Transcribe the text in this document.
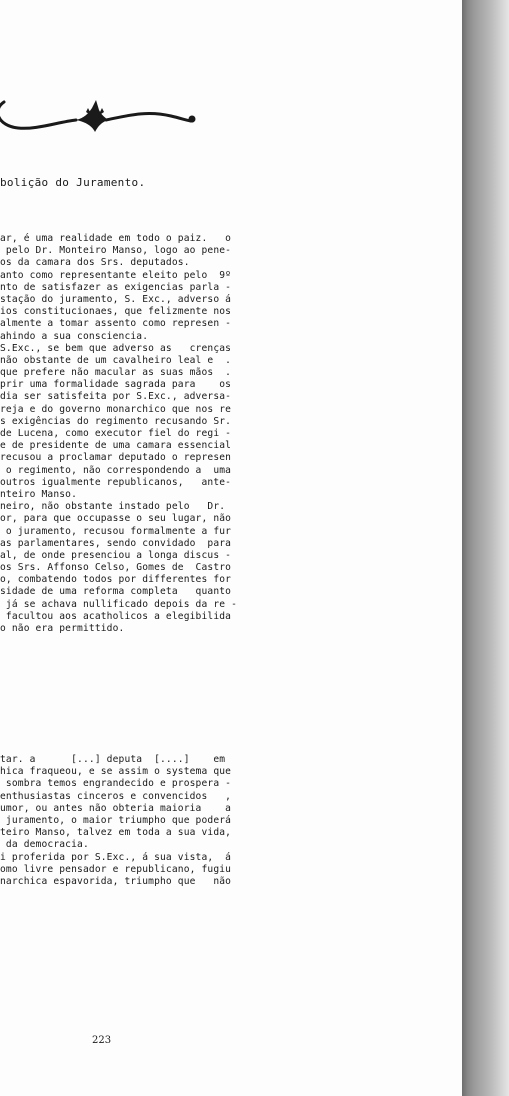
bolição do Juramento.
ar, é uma realidade em todo o paiz.   o
pelo Dr. Monteiro Manso, logo ao pene-
os da camara dos Srs. deputados.
anto como representante eleito pelo  9º
nto de satisfazer as exigencias parla -
stação do juramento, S. Exc., adverso á
ios constitucionaes, que felizmente nos
almente a tomar assento como represen -
ahindo a sua consciencia.
S.Exc., se bem que adverso as   crenças
não obstante de um cavalheiro leal e  .
que prefere não macular as suas mãos  .
prir uma formalidade sagrada para    os
dia ser satisfeita por S.Exc., adversa-
reja e do governo monarchico que nos re
s exigências do regimento recusando Sr.
de Lucena, como executor fiel do regi -
e de presidente de uma camara essencial
recusou a proclamar deputado o represen
o regimento, não correspondendo a  uma
outros igualmente republicanos,   ante-
nteiro Manso.
neiro, não obstante instado pelo   Dr.
or, para que occupasse o seu lugar, não
o juramento, recusou formalmente a fur
as parlamentares, sendo convidado  para
al, de onde presenciou a longa discus -
os Srs. Affonso Celso, Gomes de  Castro
o, combatendo todos por differentes for
sidade de uma reforma completa   quanto
já se achava nullificado depois da re -
facultou aos acatholicos a elegibilida
o não era permittido.
tar. a      [...] deputa  [....]    em
hica fraqueou, e se assim o systema que
sombra temos engrandecido e prospera -
enthusiastas cinceros e convencidos   ,
umor, ou antes não obteria maioria    a
juramento, o maior triumpho que poderá
teiro Manso, talvez em toda a sua vida,
da democracia.
i proferida por S.Exc., á sua vista,  á
omo livre pensador e republicano, fugiu
narchica espavorida, triumpho que   não
223
